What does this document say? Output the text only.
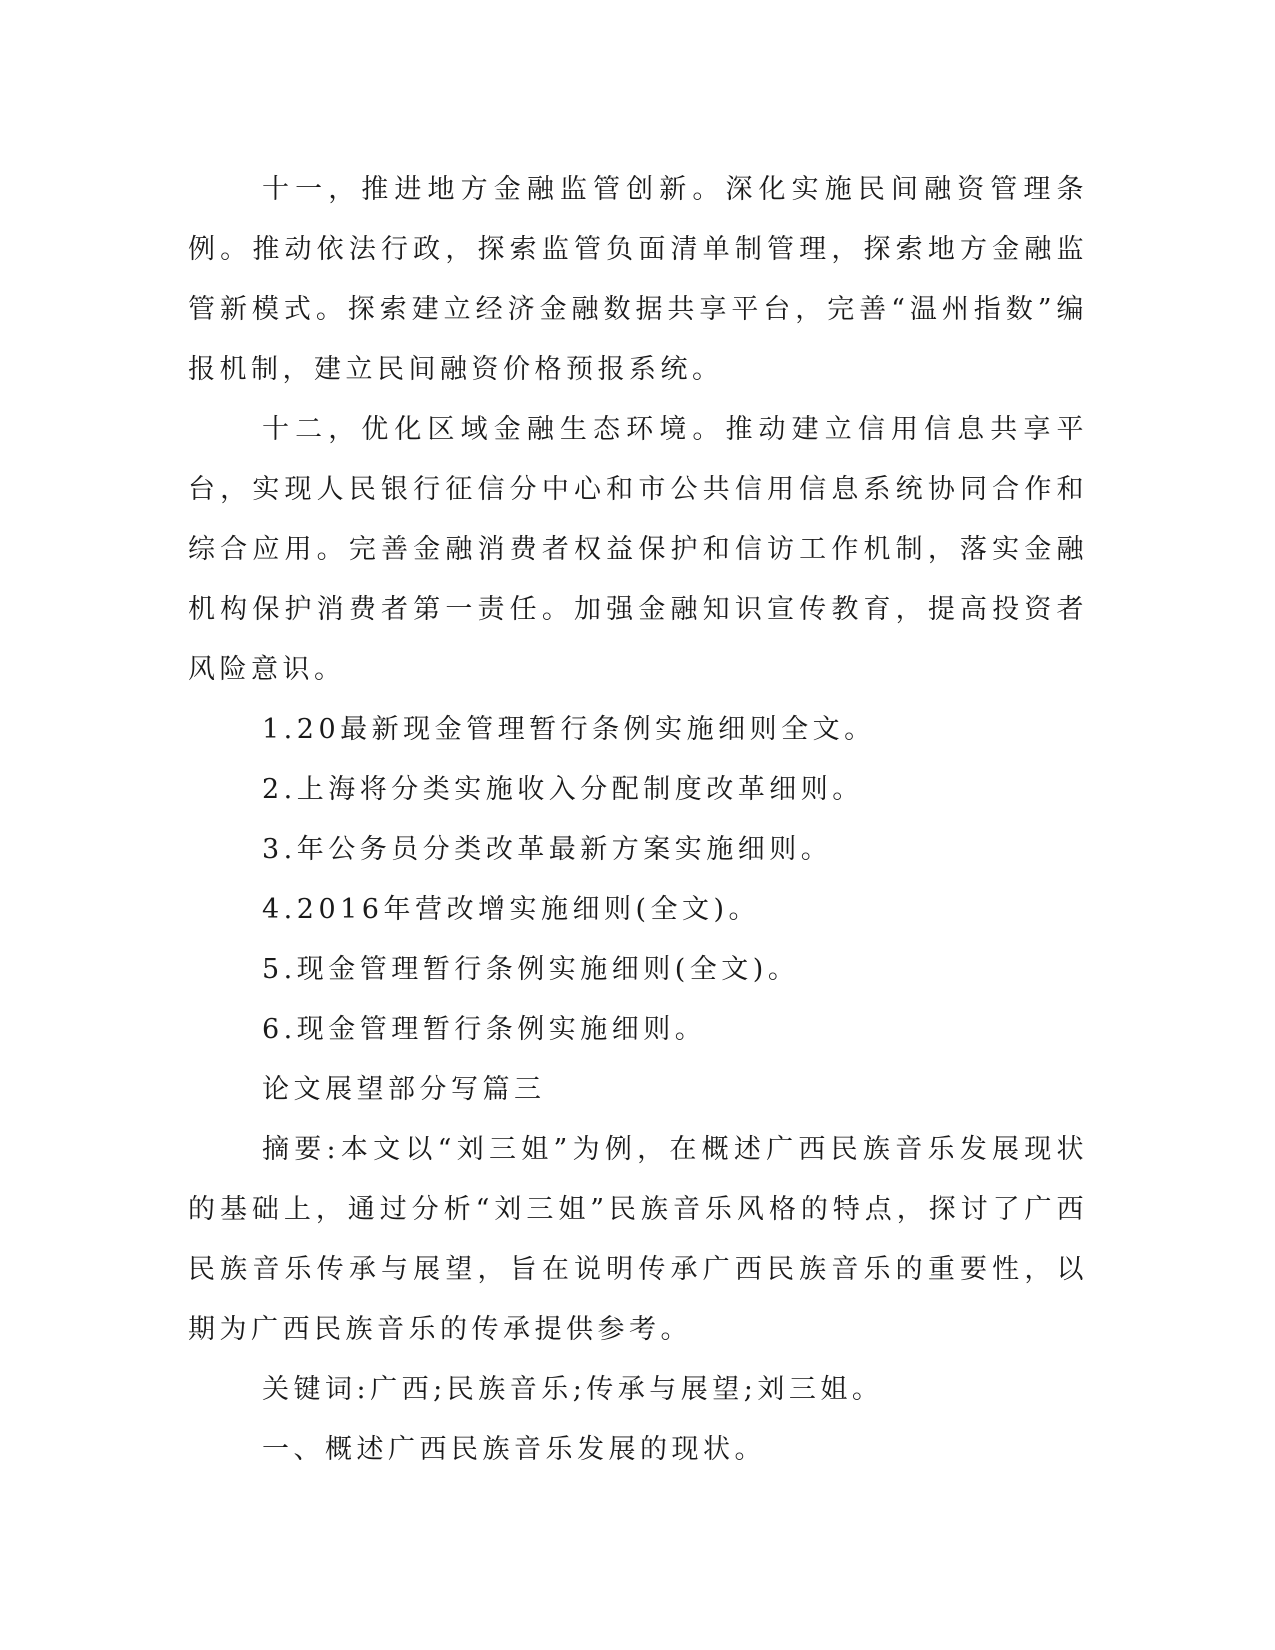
十一，推进地方金融监管创新。深化实施民间融资管理条例。推动依法行政，探索监管负面清单制管理，探索地方金融监管新模式。探索建立经济金融数据共享平台，完善“温州指数”编报机制，建立民间融资价格预报系统。

十二，优化区域金融生态环境。推动建立信用信息共享平台，实现人民银行征信分中心和市公共信用信息系统协同合作和综合应用。完善金融消费者权益保护和信访工作机制，落实金融机构保护消费者第一责任。加强金融知识宣传教育，提高投资者风险意识。

1.20最新现金管理暂行条例实施细则全文。

2.上海将分类实施收入分配制度改革细则。

3.年公务员分类改革最新方案实施细则。

4.2016年营改增实施细则(全文)。

5.现金管理暂行条例实施细则(全文)。

6.现金管理暂行条例实施细则。

论文展望部分写篇三

摘要:本文以“刘三姐”为例，在概述广西民族音乐发展现状的基础上，通过分析“刘三姐”民族音乐风格的特点，探讨了广西民族音乐传承与展望，旨在说明传承广西民族音乐的重要性，以期为广西民族音乐的传承提供参考。

关键词:广西;民族音乐;传承与展望;刘三姐。

一、概述广西民族音乐发展的现状。
